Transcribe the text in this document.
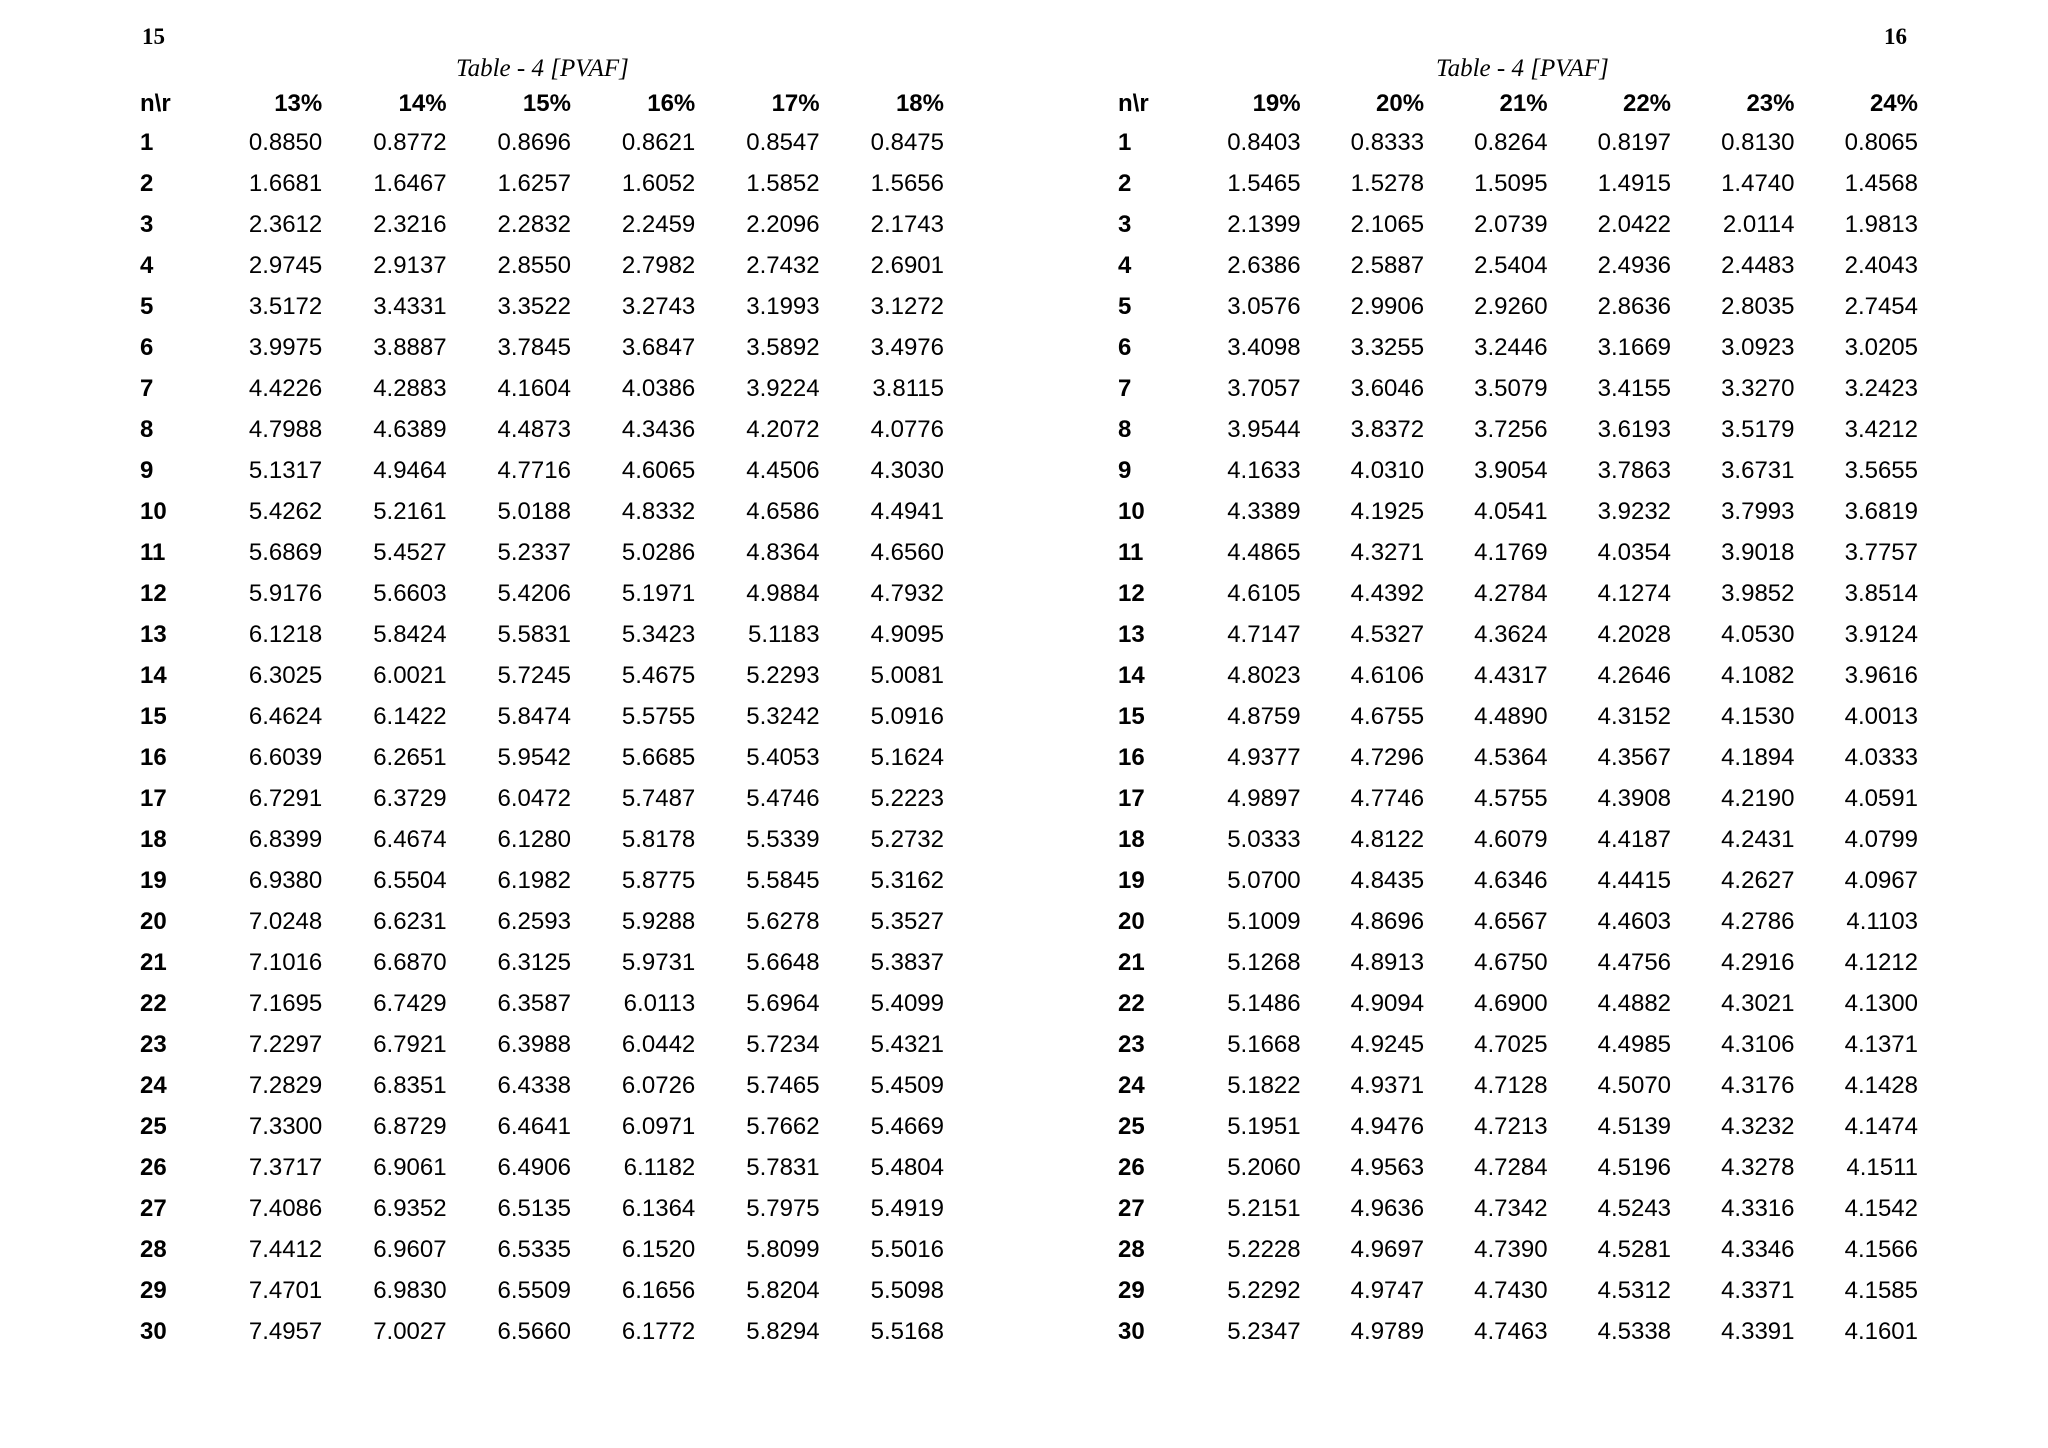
15	16
Table - 4 [PVAF]
n\r	13%	14%	15%	16%	17%	18%
1	0.8850	0.8772	0.8696	0.8621	0.8547	0.8475
2	1.6681	1.6467	1.6257	1.6052	1.5852	1.5656
3	2.3612	2.3216	2.2832	2.2459	2.2096	2.1743
4	2.9745	2.9137	2.8550	2.7982	2.7432	2.6901
5	3.5172	3.4331	3.3522	3.2743	3.1993	3.1272
6	3.9975	3.8887	3.7845	3.6847	3.5892	3.4976
7	4.4226	4.2883	4.1604	4.0386	3.9224	3.8115
8	4.7988	4.6389	4.4873	4.3436	4.2072	4.0776
9	5.1317	4.9464	4.7716	4.6065	4.4506	4.3030
10	5.4262	5.2161	5.0188	4.8332	4.6586	4.4941
11	5.6869	5.4527	5.2337	5.0286	4.8364	4.6560
12	5.9176	5.6603	5.4206	5.1971	4.9884	4.7932
13	6.1218	5.8424	5.5831	5.3423	5.1183	4.9095
14	6.3025	6.0021	5.7245	5.4675	5.2293	5.0081
15	6.4624	6.1422	5.8474	5.5755	5.3242	5.0916
16	6.6039	6.2651	5.9542	5.6685	5.4053	5.1624
17	6.7291	6.3729	6.0472	5.7487	5.4746	5.2223
18	6.8399	6.4674	6.1280	5.8178	5.5339	5.2732
19	6.9380	6.5504	6.1982	5.8775	5.5845	5.3162
20	7.0248	6.6231	6.2593	5.9288	5.6278	5.3527
21	7.1016	6.6870	6.3125	5.9731	5.6648	5.3837
22	7.1695	6.7429	6.3587	6.0113	5.6964	5.4099
23	7.2297	6.7921	6.3988	6.0442	5.7234	5.4321
24	7.2829	6.8351	6.4338	6.0726	5.7465	5.4509
25	7.3300	6.8729	6.4641	6.0971	5.7662	5.4669
26	7.3717	6.9061	6.4906	6.1182	5.7831	5.4804
27	7.4086	6.9352	6.5135	6.1364	5.7975	5.4919
28	7.4412	6.9607	6.5335	6.1520	5.8099	5.5016
29	7.4701	6.9830	6.5509	6.1656	5.8204	5.5098
30	7.4957	7.0027	6.5660	6.1772	5.8294	5.5168
Table - 4 [PVAF]
n\r	19%	20%	21%	22%	23%	24%
1	0.8403	0.8333	0.8264	0.8197	0.8130	0.8065
2	1.5465	1.5278	1.5095	1.4915	1.4740	1.4568
3	2.1399	2.1065	2.0739	2.0422	2.0114	1.9813
4	2.6386	2.5887	2.5404	2.4936	2.4483	2.4043
5	3.0576	2.9906	2.9260	2.8636	2.8035	2.7454
6	3.4098	3.3255	3.2446	3.1669	3.0923	3.0205
7	3.7057	3.6046	3.5079	3.4155	3.3270	3.2423
8	3.9544	3.8372	3.7256	3.6193	3.5179	3.4212
9	4.1633	4.0310	3.9054	3.7863	3.6731	3.5655
10	4.3389	4.1925	4.0541	3.9232	3.7993	3.6819
11	4.4865	4.3271	4.1769	4.0354	3.9018	3.7757
12	4.6105	4.4392	4.2784	4.1274	3.9852	3.8514
13	4.7147	4.5327	4.3624	4.2028	4.0530	3.9124
14	4.8023	4.6106	4.4317	4.2646	4.1082	3.9616
15	4.8759	4.6755	4.4890	4.3152	4.1530	4.0013
16	4.9377	4.7296	4.5364	4.3567	4.1894	4.0333
17	4.9897	4.7746	4.5755	4.3908	4.2190	4.0591
18	5.0333	4.8122	4.6079	4.4187	4.2431	4.0799
19	5.0700	4.8435	4.6346	4.4415	4.2627	4.0967
20	5.1009	4.8696	4.6567	4.4603	4.2786	4.1103
21	5.1268	4.8913	4.6750	4.4756	4.2916	4.1212
22	5.1486	4.9094	4.6900	4.4882	4.3021	4.1300
23	5.1668	4.9245	4.7025	4.4985	4.3106	4.1371
24	5.1822	4.9371	4.7128	4.5070	4.3176	4.1428
25	5.1951	4.9476	4.7213	4.5139	4.3232	4.1474
26	5.2060	4.9563	4.7284	4.5196	4.3278	4.1511
27	5.2151	4.9636	4.7342	4.5243	4.3316	4.1542
28	5.2228	4.9697	4.7390	4.5281	4.3346	4.1566
29	5.2292	4.9747	4.7430	4.5312	4.3371	4.1585
30	5.2347	4.9789	4.7463	4.5338	4.3391	4.1601
